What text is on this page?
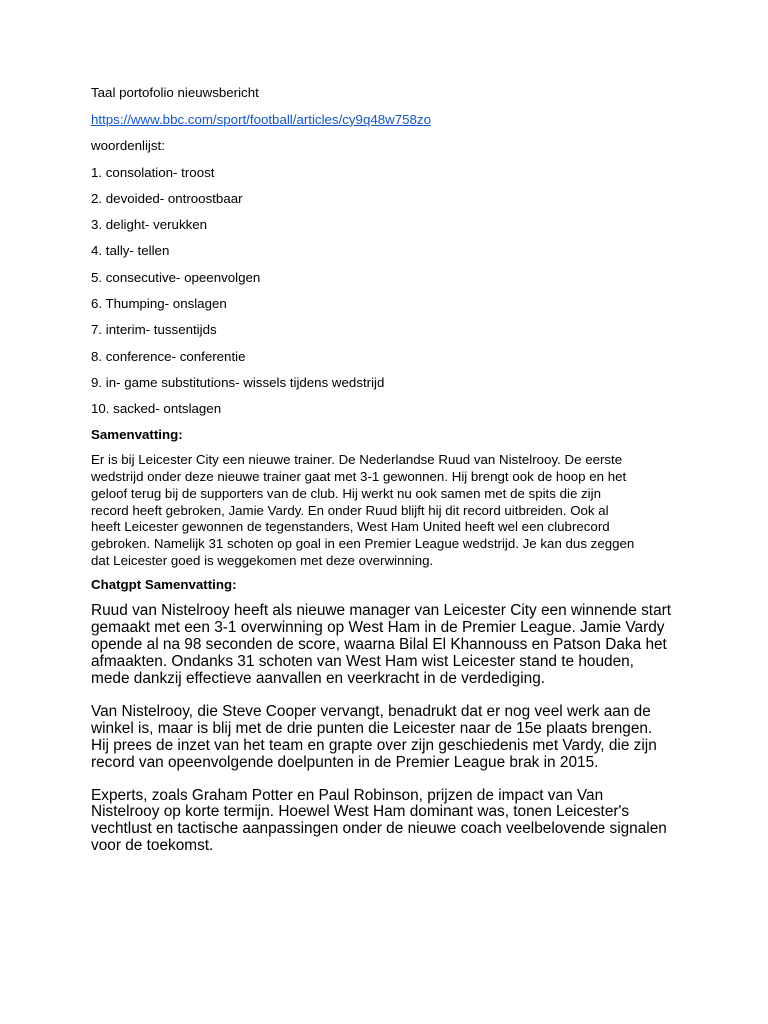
Taal portofolio nieuwsbericht

https://www.bbc.com/sport/football/articles/cy9q48w758zo

woordenlijst:

1. consolation- troost
2. devoided- ontroostbaar
3. delight- verukken
4. tally- tellen
5. consecutive- opeenvolgen
6. Thumping- onslagen
7. interim- tussentijds
8. conference- conferentie
9. in- game substitutions- wissels tijdens wedstrijd
10. sacked- ontslagen

Samenvatting:

Er is bij Leicester City een nieuwe trainer. De Nederlandse Ruud van Nistelrooy. De eerste
wedstrijd onder deze nieuwe trainer gaat met 3-1 gewonnen. Hij brengt ook de hoop en het
geloof terug bij de supporters van de club. Hij werkt nu ook samen met de spits die zijn
record heeft gebroken, Jamie Vardy. En onder Ruud blijft hij dit record uitbreiden. Ook al
heeft Leicester gewonnen de tegenstanders, West Ham United heeft wel een clubrecord
gebroken. Namelijk 31 schoten op goal in een Premier League wedstrijd. Je kan dus zeggen
dat Leicester goed is weggekomen met deze overwinning.

Chatgpt Samenvatting:

Ruud van Nistelrooy heeft als nieuwe manager van Leicester City een winnende start
gemaakt met een 3-1 overwinning op West Ham in de Premier League. Jamie Vardy
opende al na 98 seconden de score, waarna Bilal El Khannouss en Patson Daka het
afmaakten. Ondanks 31 schoten van West Ham wist Leicester stand te houden,
mede dankzij effectieve aanvallen en veerkracht in de verdediging.
Van Nistelrooy, die Steve Cooper vervangt, benadrukt dat er nog veel werk aan de
winkel is, maar is blij met de drie punten die Leicester naar de 15e plaats brengen.
Hij prees de inzet van het team en grapte over zijn geschiedenis met Vardy, die zijn
record van opeenvolgende doelpunten in de Premier League brak in 2015.
Experts, zoals Graham Potter en Paul Robinson, prijzen de impact van Van
Nistelrooy op korte termijn. Hoewel West Ham dominant was, tonen Leicester's
vechtlust en tactische aanpassingen onder de nieuwe coach veelbelovende signalen
voor de toekomst.
